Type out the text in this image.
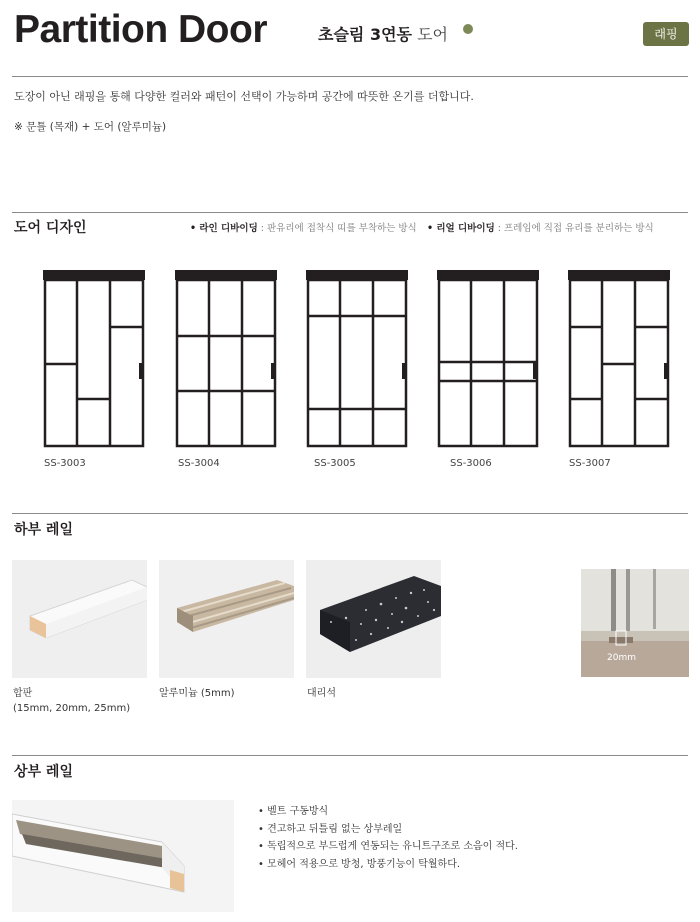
Partition Door	초슬림 3연동 도어	래핑
도장이 아닌 래핑을 통해 다양한 컬러와 패턴이 선택이 가능하며 공간에 따뜻한 온기를 더합니다.
※ 문틀 (목재) + 도어 (알루미늄)
도어 디자인	• 라인 디바이딩 : 판유리에 접착식 띠를 부착하는 방식 • 리얼 디바이딩 : 프레임에 직접 유리를 분리하는 방식
SS-3003	SS-3004	SS-3005	SS-3006	SS-3007
하부 레일
합판
(15mm, 20mm, 25mm)
알루미늄 (5mm)	대리석
20mm
상부 레일
• 벨트 구동방식
• 견고하고 뒤틀림 없는 상부레일
• 독립적으로 부드럽게 연동되는 유니트구조로 소음이 적다.
• 모헤어 적용으로 방청, 방풍기능이 탁월하다.
